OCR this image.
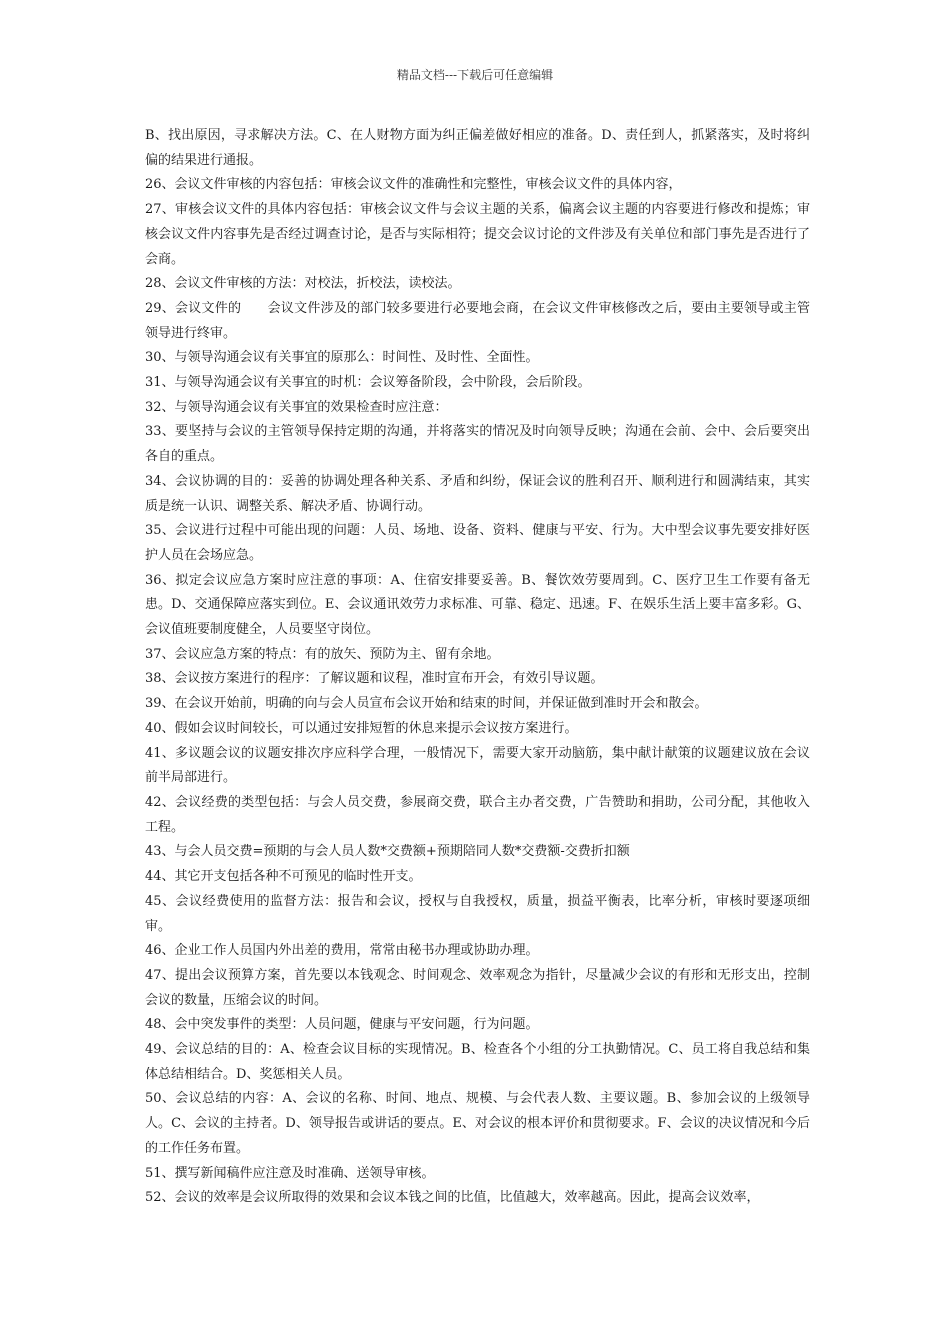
精品文档---下载后可任意编辑

B、找出原因，寻求解决方法。C、在人财物方面为纠正偏差做好相应的准备。D、责任到人，抓紧落实，及时将纠偏的结果进行通报。

26、会议文件审核的内容包括：审核会议文件的准确性和完整性，审核会议文件的具体内容，

27、审核会议文件的具体内容包括：审核会议文件与会议主题的关系，偏离会议主题的内容要进行修改和提炼；审核会议文件内容事先是否经过调查讨论，是否与实际相符；提交会议讨论的文件涉及有关单位和部门事先是否进行了会商。

28、会议文件审核的方法：对校法，折校法，读校法。

29、会议文件的　　会议文件涉及的部门较多要进行必要地会商，在会议文件审核修改之后，要由主要领导或主管领导进行终审。

30、与领导沟通会议有关事宜的原那么：时间性、及时性、全面性。

31、与领导沟通会议有关事宜的时机：会议筹备阶段，会中阶段，会后阶段。

32、与领导沟通会议有关事宜的效果检查时应注意：

33、要坚持与会议的主管领导保持定期的沟通，并将落实的情况及时向领导反映；沟通在会前、会中、会后要突出各自的重点。

34、会议协调的目的：妥善的协调处理各种关系、矛盾和纠纷，保证会议的胜利召开、顺利进行和圆满结束，其实质是统一认识、调整关系、解决矛盾、协调行动。

35、会议进行过程中可能出现的问题：人员、场地、设备、资料、健康与平安、行为。大中型会议事先要安排好医护人员在会场应急。

36、拟定会议应急方案时应注意的事项：A、住宿安排要妥善。B、餐饮效劳要周到。C、医疗卫生工作要有备无患。D、交通保障应落实到位。E、会议通讯效劳力求标准、可靠、稳定、迅速。F、在娱乐生活上要丰富多彩。G、会议值班要制度健全，人员要坚守岗位。

37、会议应急方案的特点：有的放矢、预防为主、留有余地。

38、会议按方案进行的程序：了解议题和议程，准时宣布开会，有效引导议题。

39、在会议开始前，明确的向与会人员宣布会议开始和结束的时间，并保证做到准时开会和散会。

40、假如会议时间较长，可以通过安排短暂的休息来提示会议按方案进行。

41、多议题会议的议题安排次序应科学合理，一般情况下，需要大家开动脑筋，集中献计献策的议题建议放在会议前半局部进行。

42、会议经费的类型包括：与会人员交费，参展商交费，联合主办者交费，广告赞助和捐助，公司分配，其他收入工程。

43、与会人员交费=预期的与会人员人数*交费额+预期陪同人数*交费额-交费折扣额

44、其它开支包括各种不可预见的临时性开支。

45、会议经费使用的监督方法：报告和会议，授权与自我授权，质量，损益平衡表，比率分析，审核时要逐项细审。

46、企业工作人员国内外出差的费用，常常由秘书办理或协助办理。

47、提出会议预算方案，首先要以本钱观念、时间观念、效率观念为指针，尽量减少会议的有形和无形支出，控制会议的数量，压缩会议的时间。

48、会中突发事件的类型：人员问题，健康与平安问题，行为问题。

49、会议总结的目的：A、检查会议目标的实现情况。B、检查各个小组的分工执勤情况。C、员工将自我总结和集体总结相结合。D、奖惩相关人员。

50、会议总结的内容：A、会议的名称、时间、地点、规模、与会代表人数、主要议题。B、参加会议的上级领导人。C、会议的主持者。D、领导报告或讲话的要点。E、对会议的根本评价和贯彻要求。F、会议的决议情况和今后的工作任务布置。

51、撰写新闻稿件应注意及时准确、送领导审核。

52、会议的效率是会议所取得的效果和会议本钱之间的比值，比值越大，效率越高。因此，提高会议效率，
